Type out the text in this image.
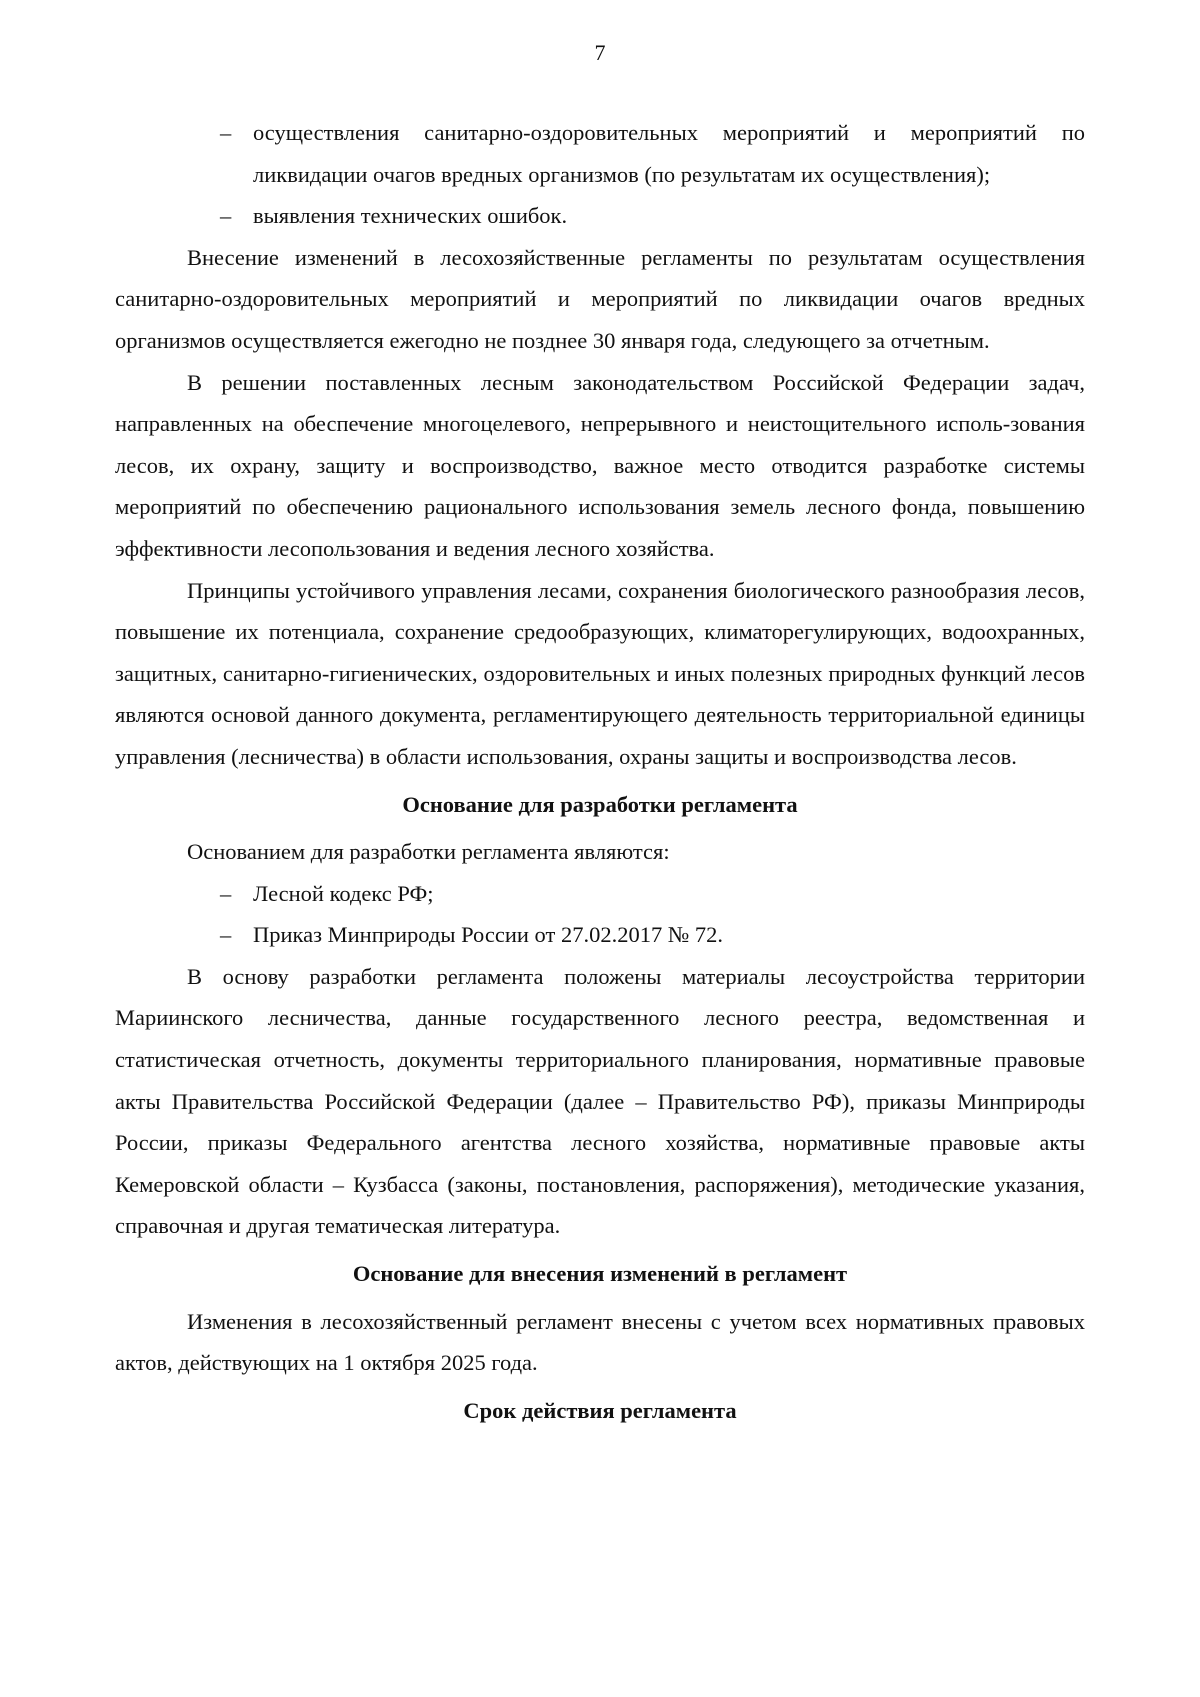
7
– осуществления санитарно-оздоровительных мероприятий и мероприятий по ликвидации очагов вредных организмов (по результатам их осуществления);
– выявления технических ошибок.

Внесение изменений в лесохозяйственные регламенты по результатам осуществления санитарно-оздоровительных мероприятий и мероприятий по ликвидации очагов вредных организмов осуществляется ежегодно не позднее 30 января года, следующего за отчетным.

В решении поставленных лесным законодательством Российской Федерации задач, направленных на обеспечение многоцелевого, непрерывного и неистощительного исполь-зования лесов, их охрану, защиту и воспроизводство, важное место отводится разработке системы мероприятий по обеспечению рационального использования земель лесного фонда, повышению эффективности лесопользования и ведения лесного хозяйства.

Принципы устойчивого управления лесами, сохранения биологического разнообразия лесов, повышение их потенциала, сохранение средообразующих, климаторегулирующих, водоохранных, защитных, санитарно-гигиенических, оздоровительных и иных полезных природных функций лесов являются основой данного документа, регламентирующего деятельность территориальной единицы управления (лесничества) в области использования, охраны защиты и воспроизводства лесов.

Основание для разработки регламента

Основанием для разработки регламента являются:

– Лесной кодекс РФ;
– Приказ Минприроды России от 27.02.2017 № 72.

В основу разработки регламента положены материалы лесоустройства территории Мариинского лесничества, данные государственного лесного реестра, ведомственная и статистическая отчетность, документы территориального планирования, нормативные правовые акты Правительства Российской Федерации (далее – Правительство РФ), приказы Минприроды России, приказы Федерального агентства лесного хозяйства, нормативные правовые акты Кемеровской области – Кузбасса (законы, постановления, распоряжения), методические указания, справочная и другая тематическая литература.

Основание для внесения изменений в регламент

Изменения в лесохозяйственный регламент внесены с учетом всех нормативных правовых актов, действующих на 1 октября 2025 года.

Срок действия регламента
